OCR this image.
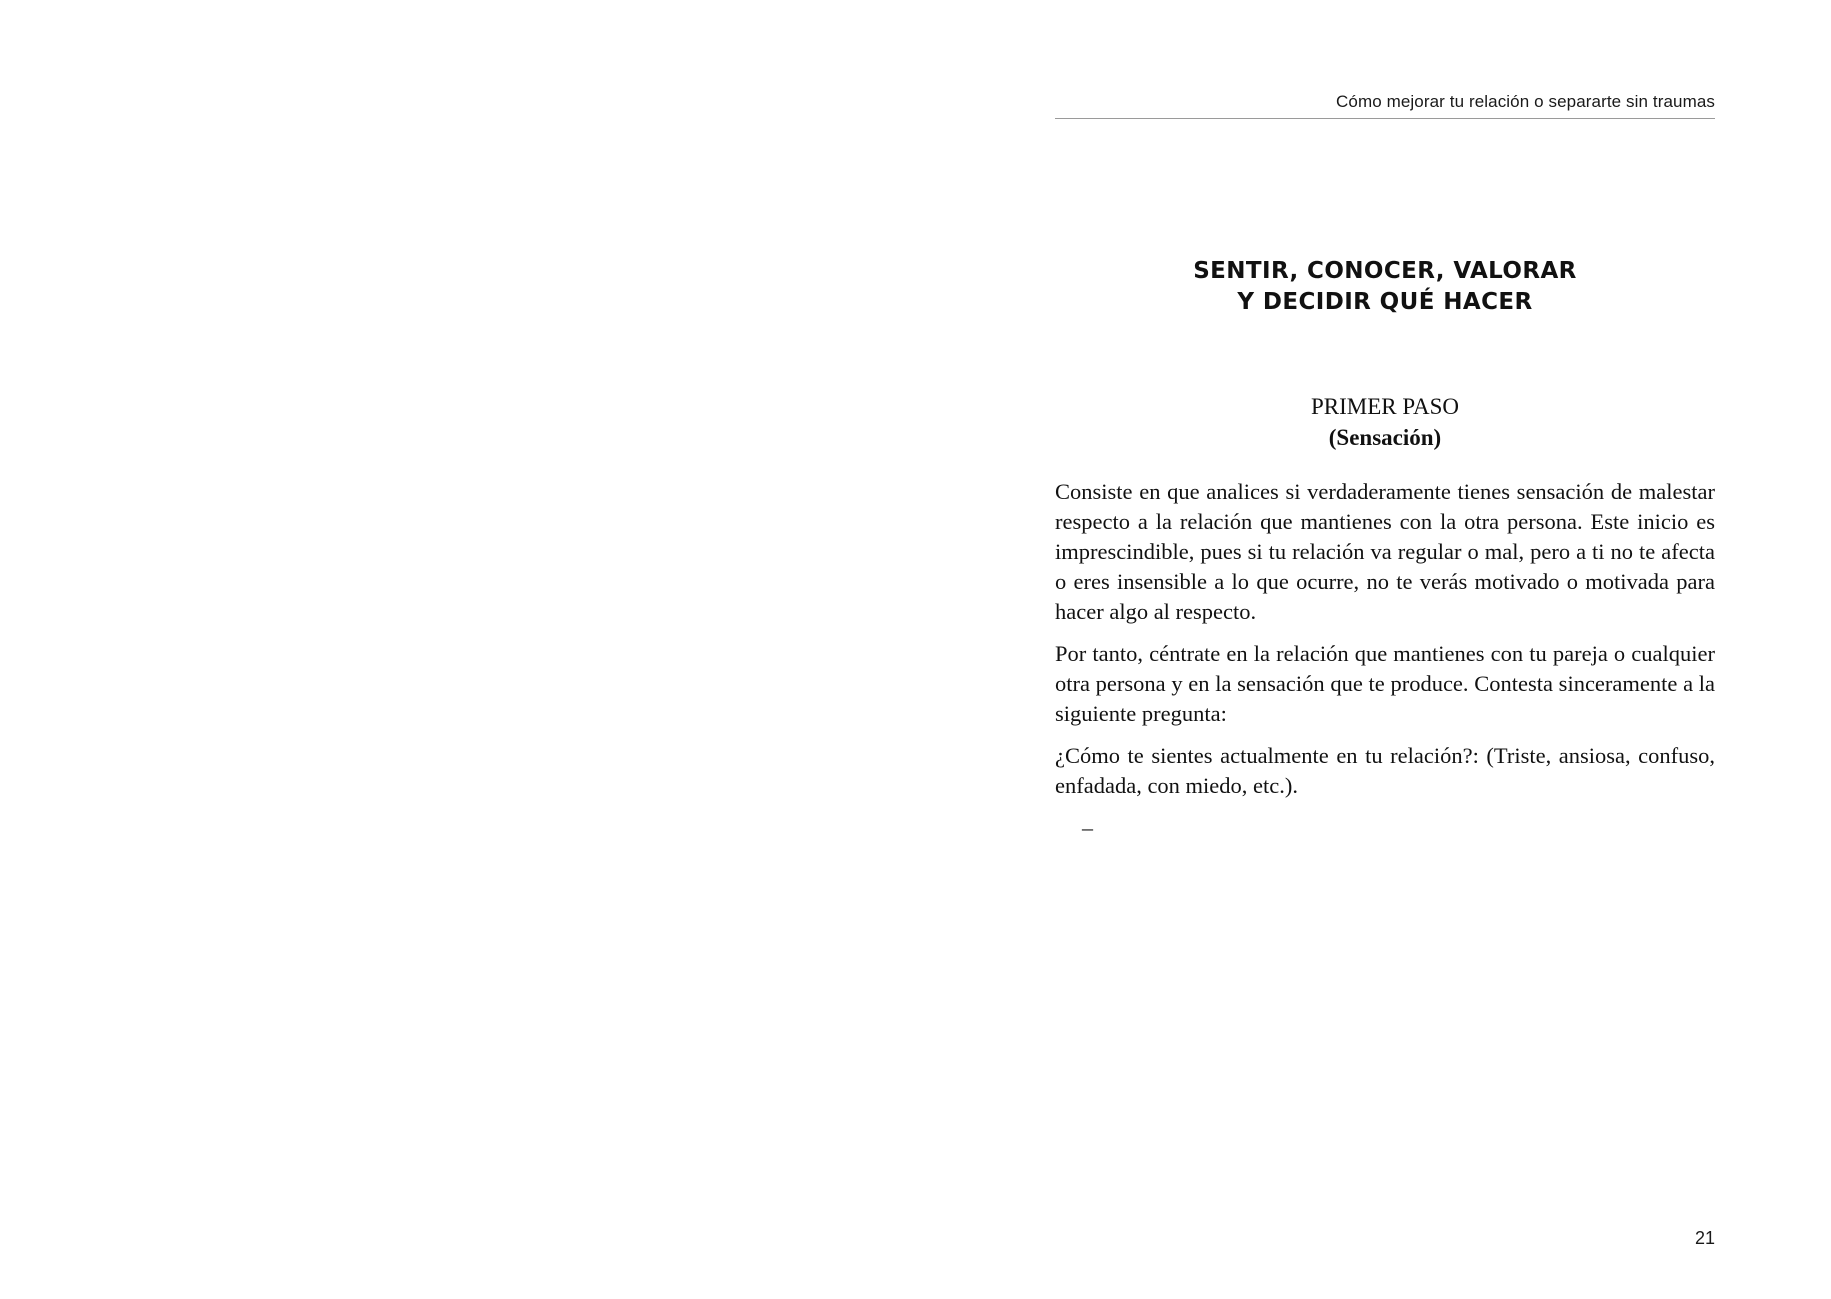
Cómo mejorar tu relación o separarte sin traumas
SENTIR, CONOCER, VALORAR
Y DECIDIR QUÉ HACER
PRIMER PASO
(Sensación)

Consiste en que analices si verdaderamente tienes sensación de malestar respecto a la relación que mantienes con la otra persona. Este inicio es imprescindible, pues si tu relación va regular o mal, pero a ti no te afecta o eres insensible a lo que ocurre, no te verás motivado o motivada para hacer algo al respecto.

Por tanto, céntrate en la relación que mantienes con tu pareja o cualquier otra persona y en la sensación que te produce. Contesta sinceramente a la siguiente pregunta:

¿Cómo te sientes actualmente en tu relación?: (Triste, ansiosa, confuso, enfadada, con miedo, etc.).

–
21
